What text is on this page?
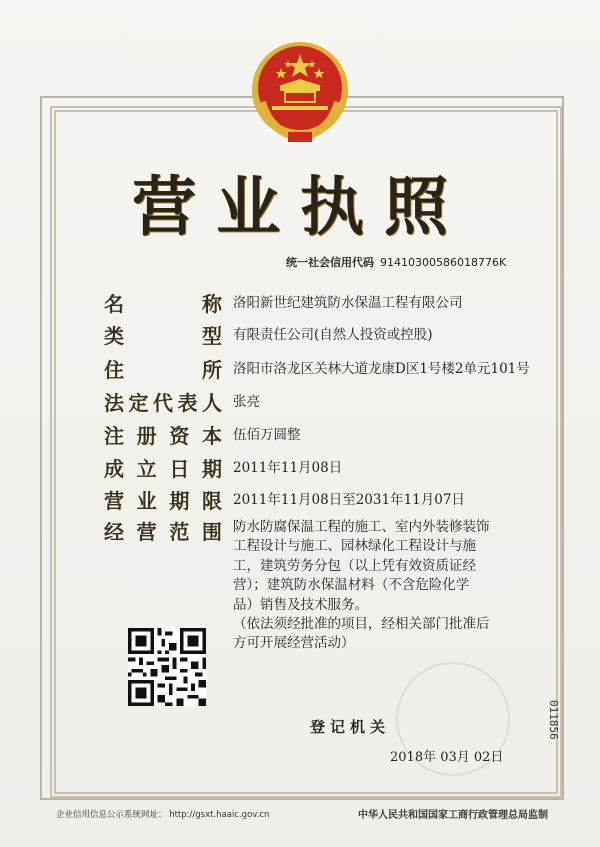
营业执照
统一社会信用代码 91410300586018776K
名	称 洛阳新世纪建筑防水保温工程有限公司
类	型 有限责任公司(自然人投资或控股)
住	所 洛阳市洛龙区关林大道龙康D区1号楼2单元101号
法 定 代 表 人 张亮
注 册 资 本 伍佰万圆整
成 立 日 期 2011年11月08日
营 业 期 限 2011年11月08日至2031年11月07日
经 营 范 围 防水防腐保温工程的施工、室内外装修装饰
工程设计与施工、园林绿化工程设计与施
工，建筑劳务分包（以上凭有效资质证经
营）；建筑防水保温材料（不含危险化学
品）销售及技术服务。
（依法须经批准的项目，经相关部门批准后
方可开展经营活动）
011856
登记机关
2018年 03月 02日
企业信用信息公示系统网址： http://gsxt.haaic.gov.cn	中华人民共和国国家工商行政管理总局监制
